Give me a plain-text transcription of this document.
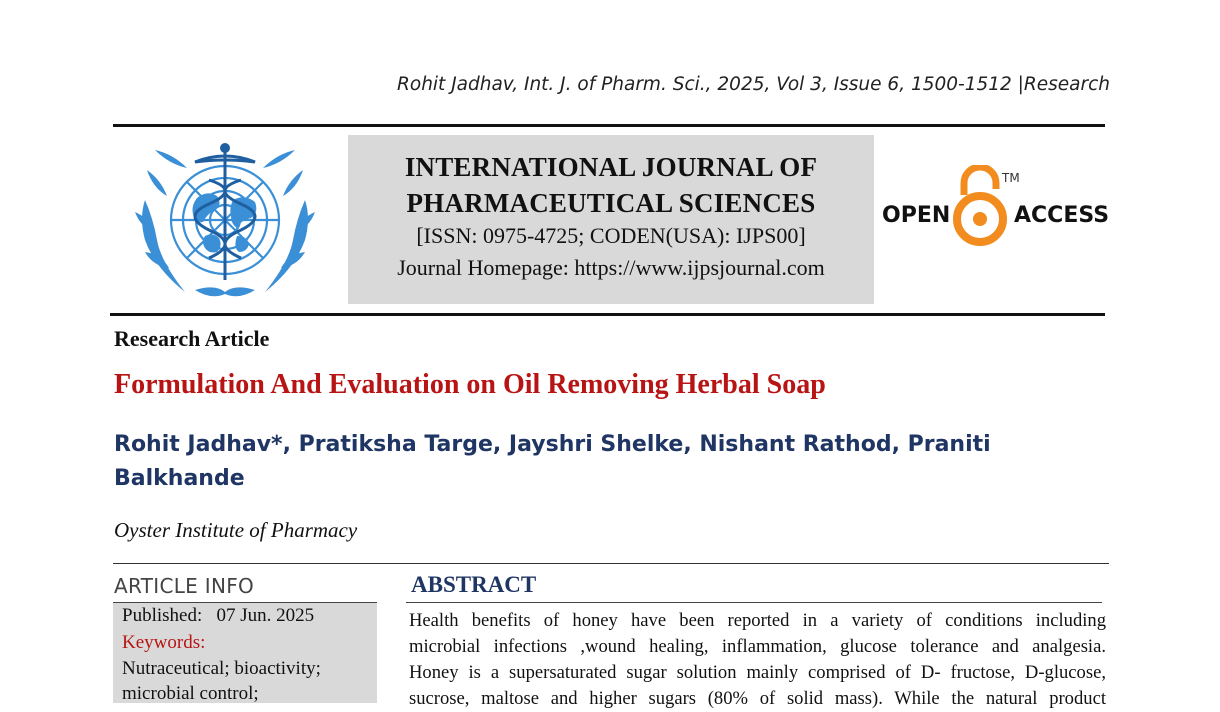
Rohit Jadhav, Int. J. of Pharm. Sci., 2025, Vol 3, Issue 6, 1500-1512 |Research
INTERNATIONAL JOURNAL OF
PHARMACEUTICAL SCIENCES
[ISSN: 0975-4725; CODEN(USA): IJPS00]
Journal Homepage: https://www.ijpsjournal.com
OPEN	ACCESS
TM
Research Article
Formulation And Evaluation on Oil Removing Herbal Soap
Rohit Jadhav*, Pratiksha Targe, Jayshri Shelke, Nishant Rathod, Praniti
Balkhande
Oyster Institute of Pharmacy
ARTICLE INFO
Published: 07 Jun. 2025
Keywords:
Nutraceutical; bioactivity;
microbial control;
ABSTRACT
Health benefits of honey have been reported in a variety of conditions including
microbial infections ,wound healing, inflammation, glucose tolerance and analgesia.
Honey is a supersaturated sugar solution mainly comprised of D- fructose, D-glucose,
sucrose, maltose and higher sugars (80% of solid mass). While the natural product
